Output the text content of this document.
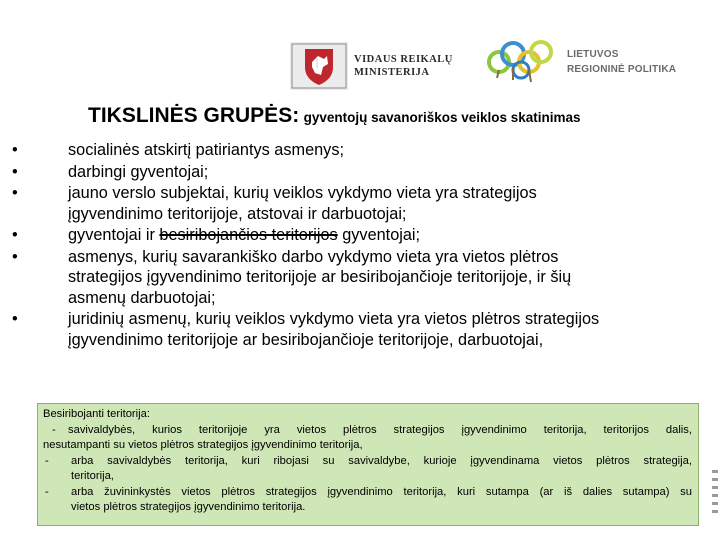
VIDAUS REIKALŲ
MINISTERIJA
LIETUVOS
REGIONINĖ POLITIKA
TIKSLINĖS GRUPĖS: gyventojų savanoriškos veiklos skatinimas
•	socialinės atskirtį patiriantys asmenys;
•	darbingi gyventojai;
•	jauno verslo subjektai, kurių veiklos vykdymo vieta yra strategijos
įgyvendinimo teritorijoje, atstovai ir darbuotojai;
•	gyventojai ir besiribojančios teritorijos gyventojai;
•	asmenys, kurių savarankiško darbo vykdymo vieta yra vietos plėtros
strategijos įgyvendinimo teritorijoje ar besiribojančioje teritorijoje, ir šių
asmenų darbuotojai;
•	juridinių asmenų, kurių veiklos vykdymo vieta yra vietos plėtros strategijos
įgyvendinimo teritorijoje ar besiribojančioje teritorijoje, darbuotojai,

Besiribojanti teritorija:

-	savivaldybės, kurios teritorijoje yra vietos plėtros strategijos įgyvendinimo teritorija, teritorijos dalis,

nesutampanti su vietos plėtros strategijos įgyvendinimo teritorija,

-	arba savivaldybės teritorija, kuri ribojasi su savivaldybe, kurioje įgyvendinama vietos plėtros strategija,

teritorija,

-	arba žuvininkystės vietos plėtros strategijos įgyvendinimo teritorija, kuri sutampa (ar iš dalies sutampa) su

vietos plėtros strategijos įgyvendinimo teritorija.
